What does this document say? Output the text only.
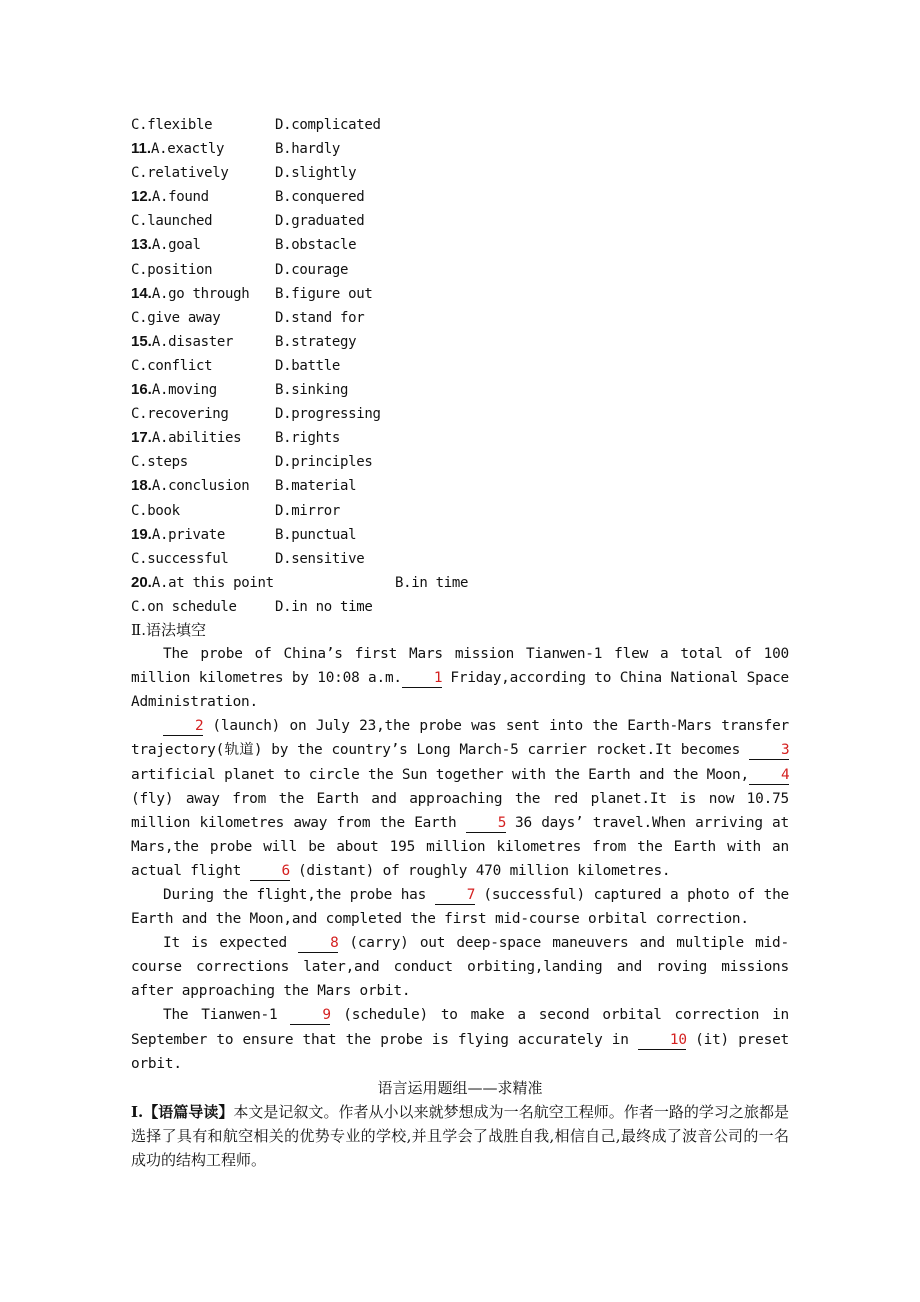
C.flexible	D.complicated
11.A.exactly	B.hardly
C.relatively	D.slightly
12.A.found	B.conquered
C.launched	D.graduated
13.A.goal	B.obstacle
C.position	D.courage
14.A.go through B.figure out
C.give away	D.stand for
15.A.disaster	B.strategy
C.conflict	D.battle
16.A.moving	B.sinking
C.recovering	D.progressing
17.A.abilities B.rights
C.steps	D.principles
18.A.conclusion B.material
C.book	D.mirror
19.A.private	B.punctual
C.successful	D.sensitive
20.A.at this point	B.in time
C.on schedule	D.in no time
Ⅱ.语法填空

The probe of China’s first Mars mission Tianwen-1 flew a total of 100 million kilometres by 10:08 a.m. 1 Friday,according to China National Space Administration.

2 (launch) on July 23,the probe was sent into the Earth-Mars transfer trajectory(轨道) by the country’s Long March-5 carrier rocket.It becomes	3 artificial planet to circle the Sun together with the Earth and the Moon, 4 (fly) away from the Earth and approaching the red planet.It is now 10.75 million kilometres away from the Earth	5 36 days’ travel.When arriving at Mars,the probe will be about 195 million kilometres from the Earth with an actual flight	6 (distant) of roughly 470 million kilometres.

During the flight,the probe has	7 (successful) captured a photo of the Earth and the Moon,and completed the first mid-course orbital correction.

It is expected	8 (carry) out deep-space maneuvers and multiple mid-course corrections later,and conduct orbiting,landing and roving missions after approaching the Mars orbit.

The Tianwen-1	9 (schedule) to make a second orbital correction in September to ensure that the probe is flying accurately in	10 (it) preset orbit.

语言运用题组——求精准
Ⅰ.【语篇导读】本文是记叙文。作者从小以来就梦想成为一名航空工程师。作者一路的学习之旅都是选择了具有和航空相关的优势专业的学校,并且学会了战胜自我,相信自己,最终成了波音公司的一名成功的结构工程师。
